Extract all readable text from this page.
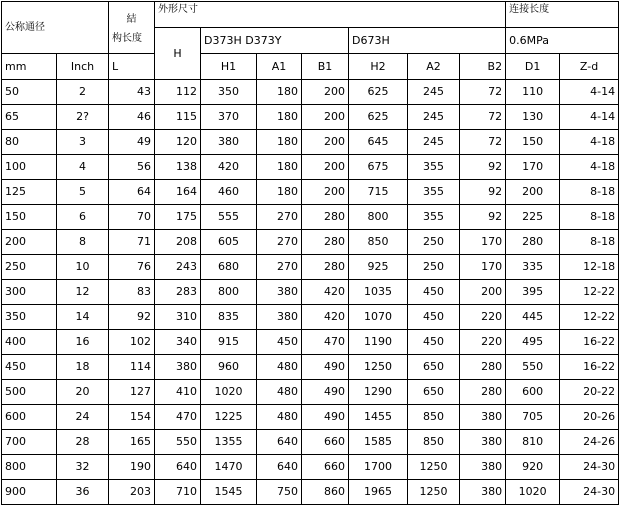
公称通径		結
构长度	外形尺寸							连接长度	
			H	D373H D373Y			D673H			0.6MPa	
mm	Inch	L		H1	A1	B1	H2	A2	B2	D1	Z-d
50	2	43	112	350	180	200	625	245	72	110	4-14
65	2?	46	115	370	180	200	625	245	72	130	4-14
80	3	49	120	380	180	200	645	245	72	150	4-18
100	4	56	138	420	180	200	675	355	92	170	4-18
125	5	64	164	460	180	200	715	355	92	200	8-18
150	6	70	175	555	270	280	800	355	92	225	8-18
200	8	71	208	605	270	280	850	250	170	280	8-18
250	10	76	243	680	270	280	925	250	170	335	12-18
300	12	83	283	800	380	420	1035	450	200	395	12-22
350	14	92	310	835	380	420	1070	450	220	445	12-22
400	16	102	340	915	450	470	1190	450	220	495	16-22
450	18	114	380	960	480	490	1250	650	280	550	16-22
500	20	127	410	1020	480	490	1290	650	280	600	20-22
600	24	154	470	1225	480	490	1455	850	380	705	20-26
700	28	165	550	1355	640	660	1585	850	380	810	24-26
800	32	190	640	1470	640	660	1700	1250	380	920	24-30
900	36	203	710	1545	750	860	1965	1250	380	1020	24-30
